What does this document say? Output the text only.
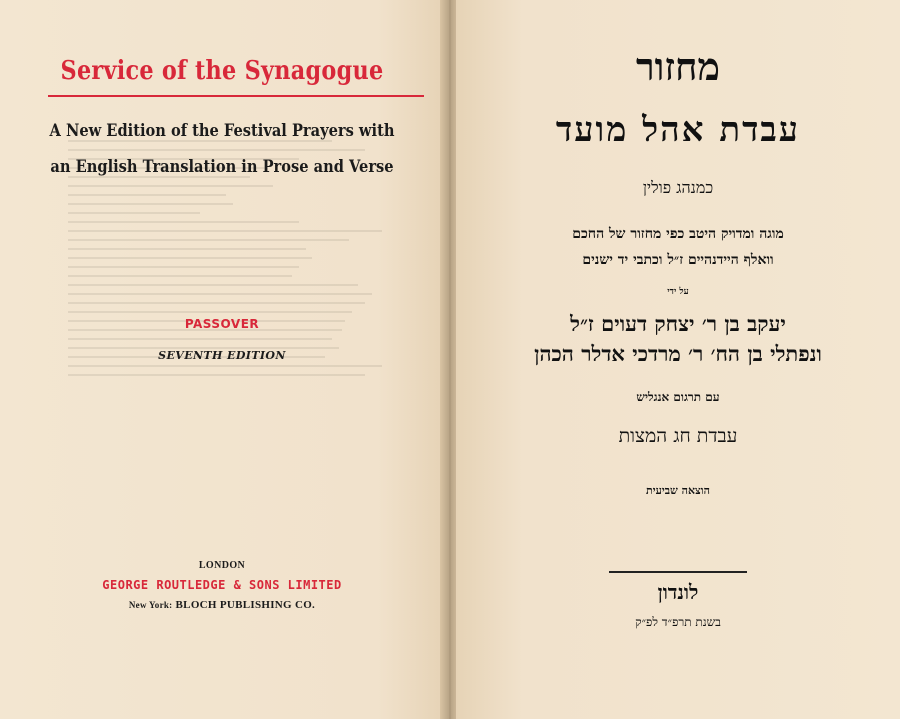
Service of the Synagogue
A New Edition of the Festival Prayers with
an English Translation in Prose and Verse
PASSOVER
SEVENTH EDITION
LONDON
GEORGE ROUTLEDGE & SONS LIMITED
New York: BLOCH PUBLISHING CO.
מחזור
עבדת אהל מועד
כמנהג פולין
מוגה ומדויק היטב כפי מחזור של החכם
וואלף היידנהיים ז״ל וכתבי יד ישנים
על ידי
יעקב בן ר׳ יצחק דעוים ז״ל
ונפתלי בן הח׳ ר׳ מרדכי אדלר הכהן
עם תרגום אנגליש
עבדת חג המצות
הוצאה שביעית
לונדון
בשנת תרפ״ד לפ״ק
